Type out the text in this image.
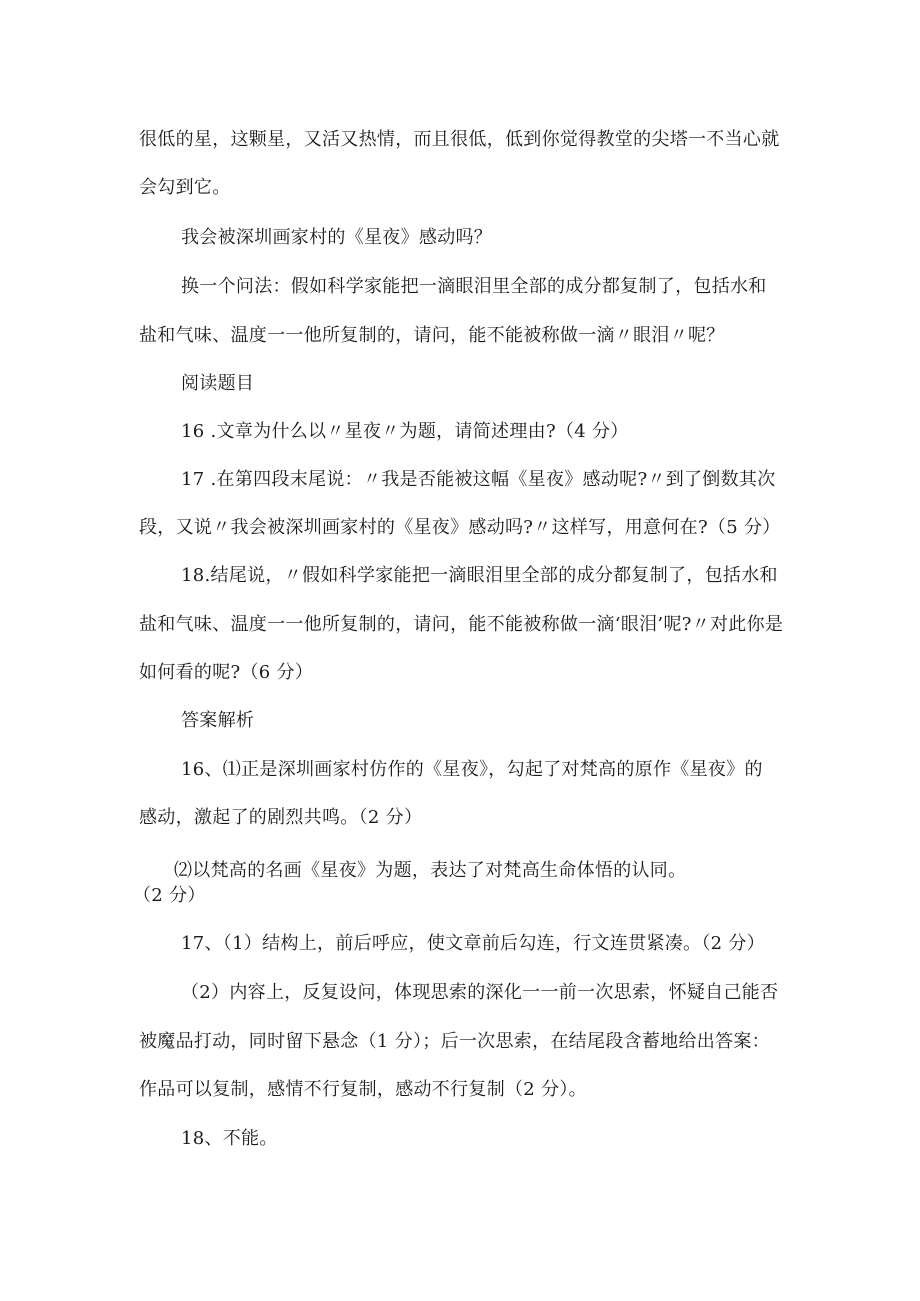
很低的星，这颗星，又活又热情，而且很低，低到你觉得教堂的尖塔一不当心就
会勾到它。
我会被深圳画家村的《星夜》感动吗？
换一个问法：假如科学家能把一滴眼泪里全部的成分都复制了，包括水和
盐和气味、温度一一他所复制的，请问，能不能被称做一滴〃眼泪〃呢？
阅读题目
16 .文章为什么以〃星夜〃为题，请简述理由?（4 分）
17 .在第四段末尾说：〃我是否能被这幅《星夜》感动呢?〃到了倒数其次
段，又说〃我会被深圳画家村的《星夜》感动吗?〃这样写，用意何在?（5 分）
18.结尾说，〃假如科学家能把一滴眼泪里全部的成分都复制了，包括水和
盐和气味、温度一一他所复制的，请问，能不能被称做一滴‘眼泪’呢?〃对此你是
如何看的呢?（6 分）
答案解析
16、⑴正是深圳画家村仿作的《星夜》，勾起了对梵高的原作《星夜》的
感动，激起了的剧烈共鸣。（2 分）
⑵以梵高的名画《星夜》为题，表达了对梵高生命体悟的认同。
（2 分）
17、（1）结构上，前后呼应，使文章前后勾连，行文连贯紧凑。（2 分）
（2）内容上，反复设问，体现思索的深化一一前一次思索，怀疑自己能否
被魔品打动，同时留下悬念（1 分）；后一次思索，在结尾段含蓄地给出答案：
作品可以复制，感情不行复制，感动不行复制（2 分）。
18、不能。
